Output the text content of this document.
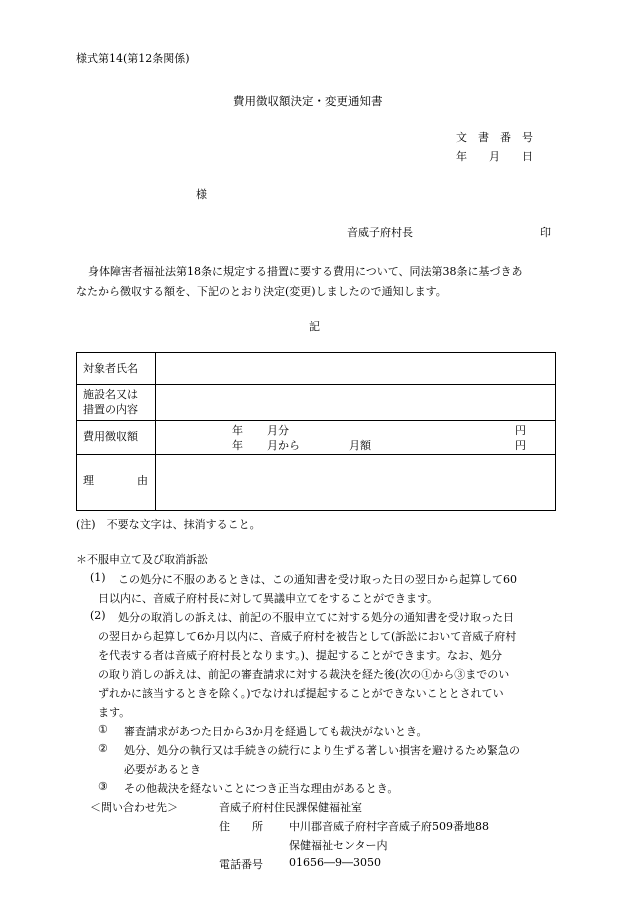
様式第14(第12条関係)
費用徴収額決定・変更通知書
文　書　番　号
年　　月　　日
様
音威子府村長	印
身体障害者福祉法第18条に規定する措置に要する費用について、同法第38条に基づきあ
なたから徴収する額を、下記のとおり決定(変更)しましたので通知します。
記
対象者氏名
施設名又は
措置の内容
費用徴収額	年 月分	円
年 月から	月額	円
理	由
(注)　不要な文字は、抹消すること。
＊不服申立て及び取消訴訟
(1) この処分に不服のあるときは、この通知書を受け取った日の翌日から起算して60
日以内に、音威子府村長に対して異議申立てをすることができます。
(2) 処分の取消しの訴えは、前記の不服申立てに対する処分の通知書を受け取った日
の翌日から起算して6か月以内に、音威子府村を被告として(訴訟において音威子府村
を代表する者は音威子府村長となります。)、提起することができます。なお、処分
の取り消しの訴えは、前記の審査請求に対する裁決を経た後(次の①から③までのい
ずれかに該当するときを除く。)でなければ提起することができないこととされてい
ます。
① 審査請求があつた日から3か月を経過しても裁決がないとき。
② 処分、処分の執行又は手続きの続行により生ずる著しい損害を避けるため緊急の
必要があるとき
③ その他裁決を経ないことにつき正当な理由があるとき。
＜問い合わせ先＞	音威子府村住民課保健福祉室
住　　所 中川郡音威子府村字音威子府509番地88
保健福祉センター内
電話番号 01656―9―3050
